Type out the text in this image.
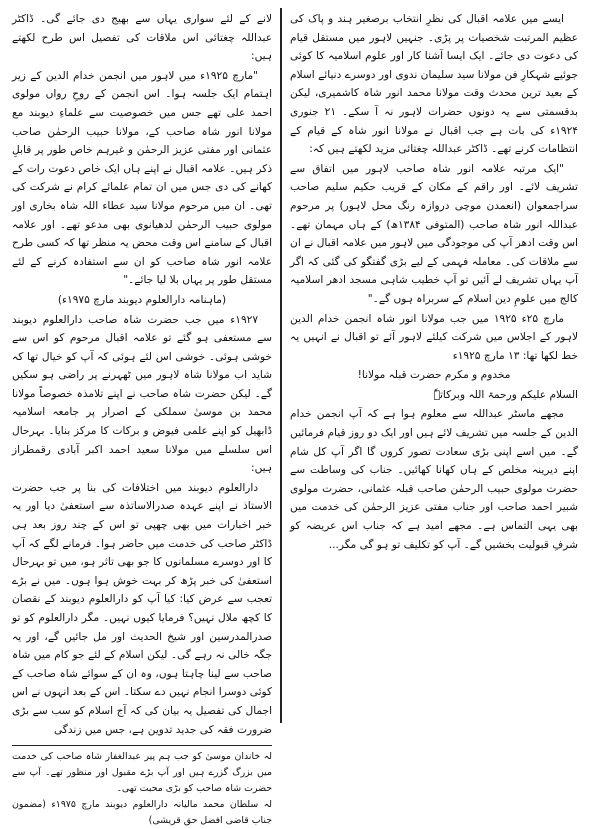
ایسے میں علامہ اقبال کی نظرِ انتخاب برصغیر ہند و پاک کی عظیم المرتبت شخصیات پر پڑی۔ جنہیں لاہور میں مستقل قیام کی دعوت دی جائے۔ ایک ایسا آشنا کار اور علوم اسلامیہ کا کوئی جوئیے شہکارِ فن مولانا سید سلیمان ندوی اور دوسرے دنیائے اسلام کے بعید ترین محدث وقت مولانا محمد انور شاہ کاشمیری، لیکن بدقسمتی سے یہ دونوں حضرات لاہور نہ آ سکے۔ ۲۱ جنوری ۱۹۲۴ء کی بات ہے جب اقبال نے مولانا انور شاہ کے قیام کے انتظامات کرنے تھے۔ ڈاکٹر عبداللہ چغتائی مزید لکھتے ہیں کہ:

"ایک مرتبہ علامہ انور شاہ صاحب لاہور میں اتفاق سے تشریف لائے۔ اور راقم کے مکان کے قریب حکیم سلیم صاحب سراجمعوان (انعمدن موچی دروازہ رنگ محل لاہور) پر مرحوم عبداللہ انور شاہ صاحب (المتوفی ۱۳۸۴ھ) کے ہاں مہمان تھے۔ اس وقت ادھر آپ کی موجودگی میں لاہور میں علامہ اقبال نے ان سے ملاقات کی۔ معاملہ فہمی کے لیے بڑی گفتگو کی گئی کہ اگر آپ یہاں تشریف لے آئیں تو آپ خطیب شاہی مسجد ادھر اسلامیہ کالج میں علومِ دین اسلام کے سربراہ ہوں گے۔"

مارچ ۲۵ء ۱۹۲۵ میں جب مولانا انور شاہ انجمن خدام الدین لاہور کے اجلاس میں شرکت کیلئے لاہور آئے تو اقبال نے انہیں یہ خط لکھا تھا: ۱۳ مارچ ۱۹۲۵ء

مخدوم و مکرم حضرت قبلہ مولانا!

السلام علیکم ورحمۃ اللہ وبرکاتہٗ

مجھے ماسٹر عبداللہ سے معلوم ہوا ہے کہ آپ انجمن خدام الدین کے جلسہ میں تشریف لائے ہیں اور ایک دو روز قیام فرمائیں گے۔ میں اسے اپنی بڑی سعادت تصور کروں گا اگر آپ کل شام اپنے دیرینہ مخلص کے ہاں کھانا کھائیں۔ جناب کی وساطت سے حضرت مولوی حبیب الرحمٰن صاحب قبلہ عثمانی، حضرت مولوی شبیر احمد صاحب اور جناب مفتی عزیز الرحمٰن کی خدمت میں بھی یہی التماس ہے۔ مجھے امید ہے کہ جناب اس عریضہ کو شرفِ قبولیت بخشیں گے۔ آپ کو تکلیف تو ہو گی مگر...

لانے کے لئے سواری یہاں سے بھیج دی جائے گی۔ ڈاکٹر عبداللہ چغتائی اس ملاقات کی تفصیل اس طرح لکھتے ہیں:

"مارچ ۱۹۲۵ء میں لاہور میں انجمن خدام الدین کے زیر اہتمام ایک جلسہ ہوا۔ اس انجمن کے روحِ رواں مولوی احمد علی تھے جس میں خصوصیت سے علماءِ دیوبند مع مولانا انور شاہ صاحب کے، مولانا حبیب الرحمٰن صاحب عثمانی اور مفتی عزیز الرحمٰن و غیرہم خاص طور پر قابلِ ذکر ہیں۔ علامہ اقبال نے اپنے ہاں ایک خاص دعوت رات کے کھانے کی دی جس میں ان تمام علمائے کرام نے شرکت کی تھی۔ ان میں مرحوم مولانا سید عطاء اللہ شاہ بخاری اور مولوی حبیب الرحمٰن لدھیانوی بھی مدعو تھے۔ اور علامہ اقبال کے سامنے اس وقت محض یہ منظر تھا کہ کسی طرح علامہ انور شاہ صاحب کو ان سے استفادہ کرنے کے لئے مستقل طور پر یہاں بلا لیا جائے۔"

(ماہنامہ دارالعلوم دیوبند مارچ ۱۹۷۵ء)

۱۹۲۷ء میں جب حضرت شاہ صاحب دارالعلوم دیوبند سے مستعفی ہو گئے تو علامہ اقبال مرحوم کو اس سے خوشی ہوئی۔ خوشی اس لئے ہوئی کہ آپ کو خیال تھا کہ شاید اب مولانا شاہ لاہور میں ٹھہرنے پر راضی ہو سکیں گے۔ لیکن حضرت شاہ صاحب نے اپنے تلامذہ خصوصاً مولانا محمد بن موسیٰ سملکی کے اصرار پر جامعہ اسلامیہ ڈابھیل کو اپنے علمی فیوض و برکات کا مرکز بنایا۔ بہرحال اس سلسلے میں مولانا سعید احمد اکبر آبادی رقمطراز ہیں:

دارالعلوم دیوبند میں اختلافات کی بنا پر جب حضرت الاستاذ نے اپنے عہدہ صدرالاساتذہ سے استعفیٰ دیا اور یہ خبر اخبارات میں بھی چھپی تو اس کے چند روز بعد ہی ڈاکٹر صاحب کی خدمت میں حاضر ہوا۔ فرمانے لگے کہ آپ کا اور دوسرے مسلمانوں کا جو بھی تاثر ہو، میں تو بہرحال استعفیٰ کی خبر پڑھ کر بہت خوش ہوا ہوں۔ میں نے بڑے تعجب سے عرض کیا: کیا آپ کو دارالعلوم دیوبند کے نقصان کا کچھ ملال نہیں؟ فرمایا کیوں نہیں۔ مگر دارالعلوم کو تو صدرالمدرسین اور شیخ الحدیث اور مل جائیں گے، اور یہ جگہ خالی نہ رہے گی۔ لیکن اسلام کے لئے جو کام میں شاہ صاحب سے لینا چاہتا ہوں، وہ ان کے سوائے شاہ صاحب کے کوئی دوسرا انجام نہیں دے سکتا۔ اس کے بعد انہوں نے اس اجمال کی تفصیل یہ بیان کی کہ آج اسلام کو سب سے بڑی ضرورت فقہ کی جدید تدوین ہے، جس میں زندگی

لہ خاندان موسیٰ کو جب ہم پیر عبدالغفار شاہ صاحب کی خدمت میں بزرگ گزرے ہیں اور آپ بڑے مقبول اور منظور تھے۔ آپ سے حضرت شاہ صاحب کو بڑی محبت تھی۔

لہ سلطان محمد مالیانہ دارالعلوم دیوبند مارچ ۱۹۷۵ء (مضمون جناب قاضی افضل حق قریشی)
